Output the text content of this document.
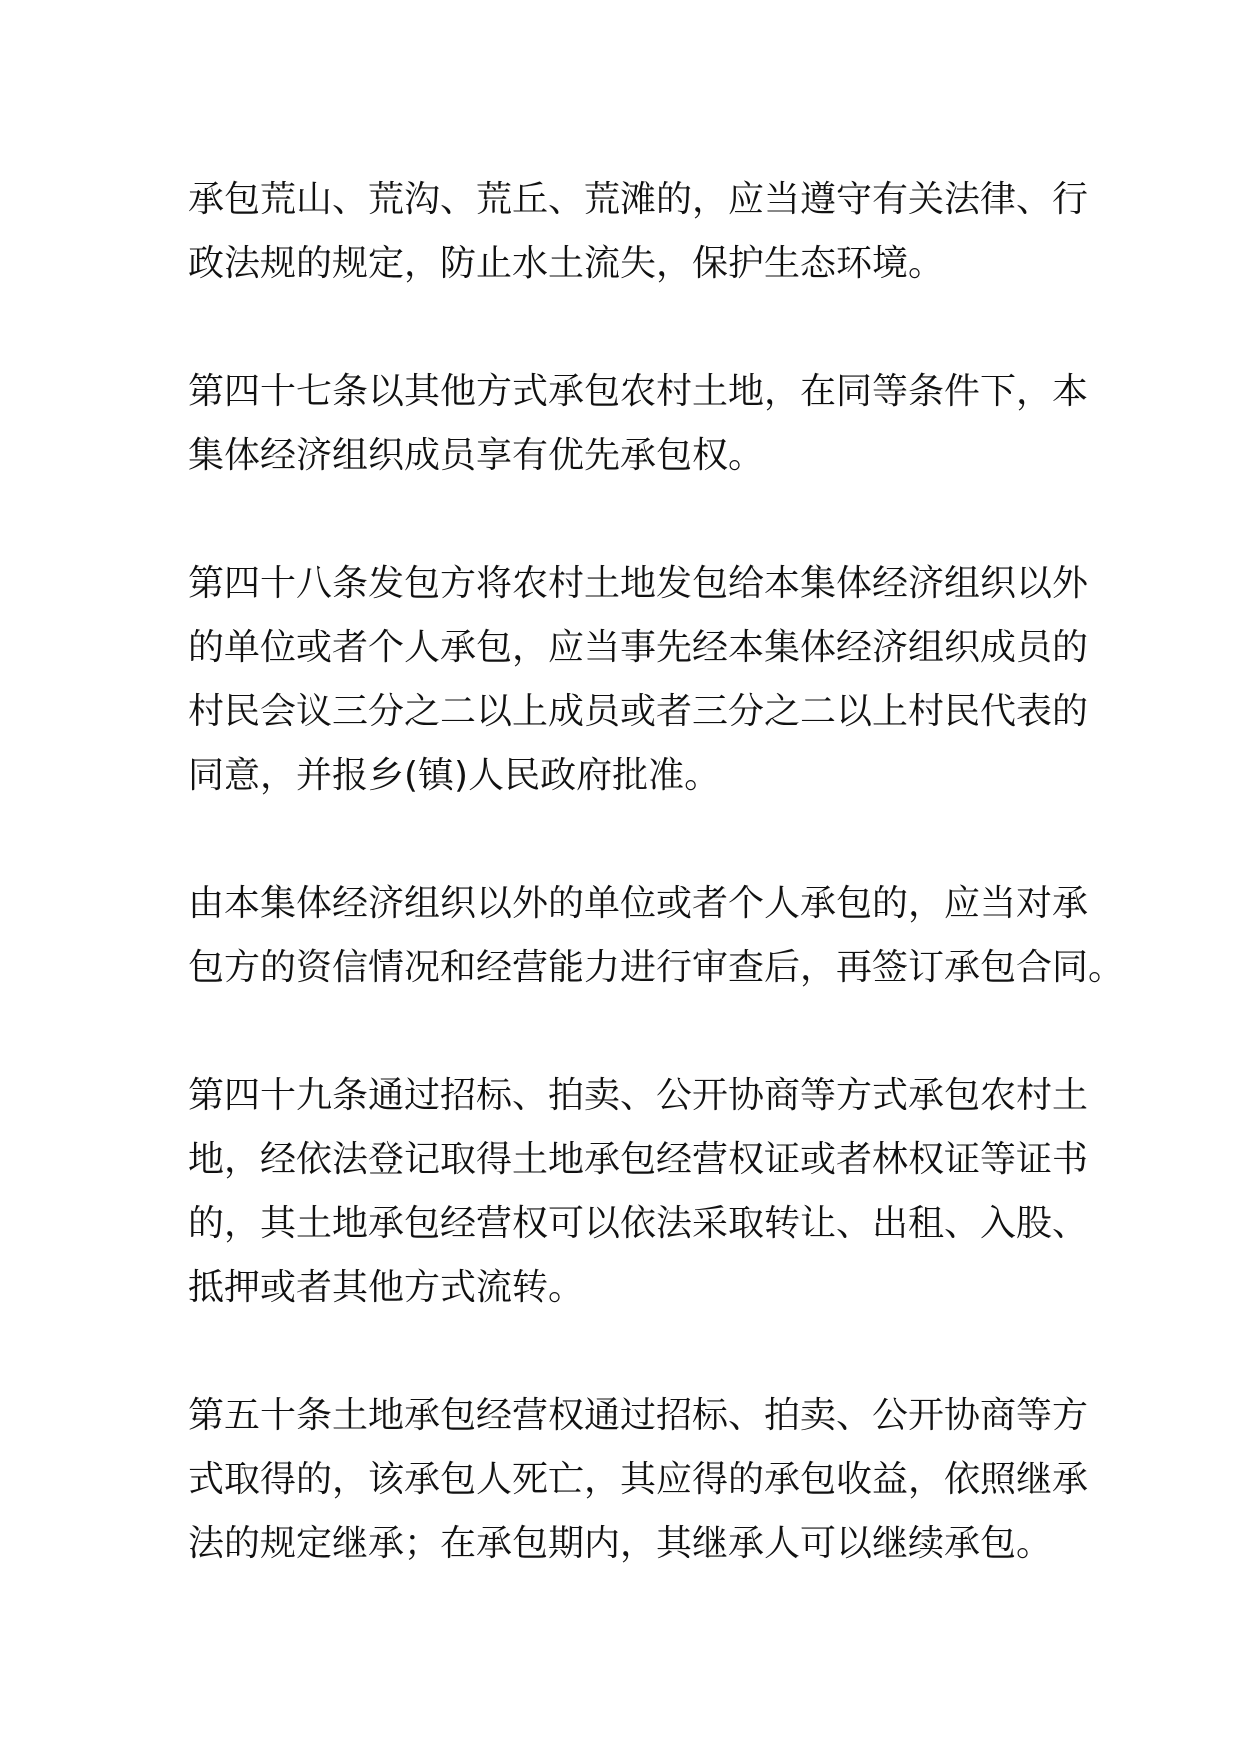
承包荒山、荒沟、荒丘、荒滩的，应当遵守有关法律、行
政法规的规定，防止水土流失，保护生态环境。

第四十七条以其他方式承包农村土地，在同等条件下，本
集体经济组织成员享有优先承包权。

第四十八条发包方将农村土地发包给本集体经济组织以外
的单位或者个人承包，应当事先经本集体经济组织成员的
村民会议三分之二以上成员或者三分之二以上村民代表的
同意，并报乡(镇)人民政府批准。

由本集体经济组织以外的单位或者个人承包的，应当对承
包方的资信情况和经营能力进行审查后，再签订承包合同。

第四十九条通过招标、拍卖、公开协商等方式承包农村土
地，经依法登记取得土地承包经营权证或者林权证等证书
的，其土地承包经营权可以依法采取转让、出租、入股、
抵押或者其他方式流转。

第五十条土地承包经营权通过招标、拍卖、公开协商等方
式取得的，该承包人死亡，其应得的承包收益，依照继承
法的规定继承；在承包期内，其继承人可以继续承包。
